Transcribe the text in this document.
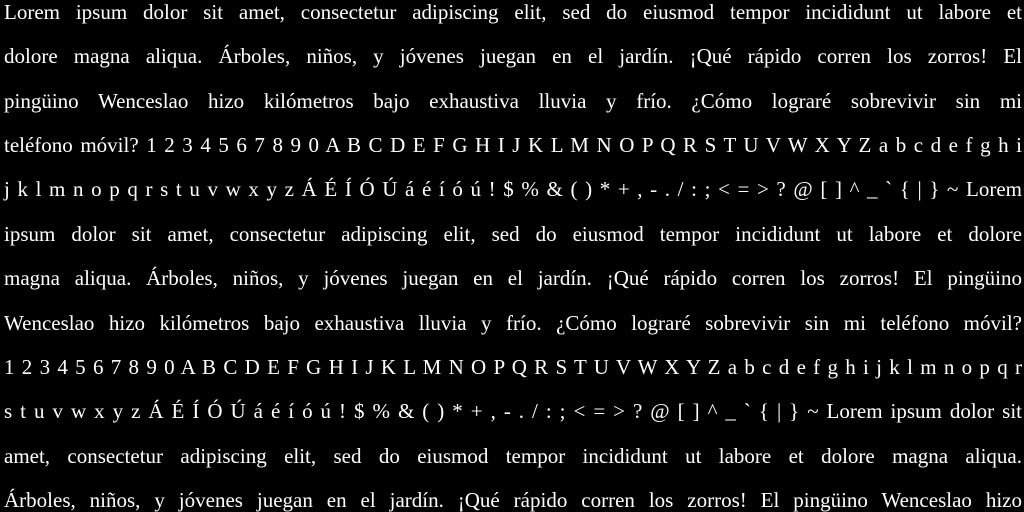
Lorem ipsum dolor sit amet, consectetur adipiscing elit, sed do eiusmod tempor incididunt ut labore et
dolore magna aliqua. Árboles, niños, y jóvenes juegan en el jardín. ¡Qué rápido corren los zorros! El
pingüino Wenceslao hizo kilómetros bajo exhaustiva lluvia y frío. ¿Cómo lograré sobrevivir sin mi
teléfono móvil? 1 2 3 4 5 6 7 8 9 0 A B C D E F G H I J K L M N O P Q R S T U V W X Y Z a b c d e f g h i
j k l m n o p q r s t u v w x y z Á É Í Ó Ú á é í ó ú ! $ % & ( ) * + , - . / : ; < = > ? @ [ ] ^ _ ` { | } ~ Lorem
ipsum dolor sit amet, consectetur adipiscing elit, sed do eiusmod tempor incididunt ut labore et dolore
magna aliqua. Árboles, niños, y jóvenes juegan en el jardín. ¡Qué rápido corren los zorros! El pingüino
Wenceslao hizo kilómetros bajo exhaustiva lluvia y frío. ¿Cómo lograré sobrevivir sin mi teléfono móvil?
1 2 3 4 5 6 7 8 9 0 A B C D E F G H I J K L M N O P Q R S T U V W X Y Z a b c d e f g h i j k l m n o p q r
s t u v w x y z Á É Í Ó Ú á é í ó ú ! $ % & ( ) * + , - . / : ; < = > ? @ [ ] ^ _ ` { | } ~ Lorem ipsum dolor sit
amet, consectetur adipiscing elit, sed do eiusmod tempor incididunt ut labore et dolore magna aliqua.
Árboles, niños, y jóvenes juegan en el jardín. ¡Qué rápido corren los zorros! El pingüino Wenceslao hizo
